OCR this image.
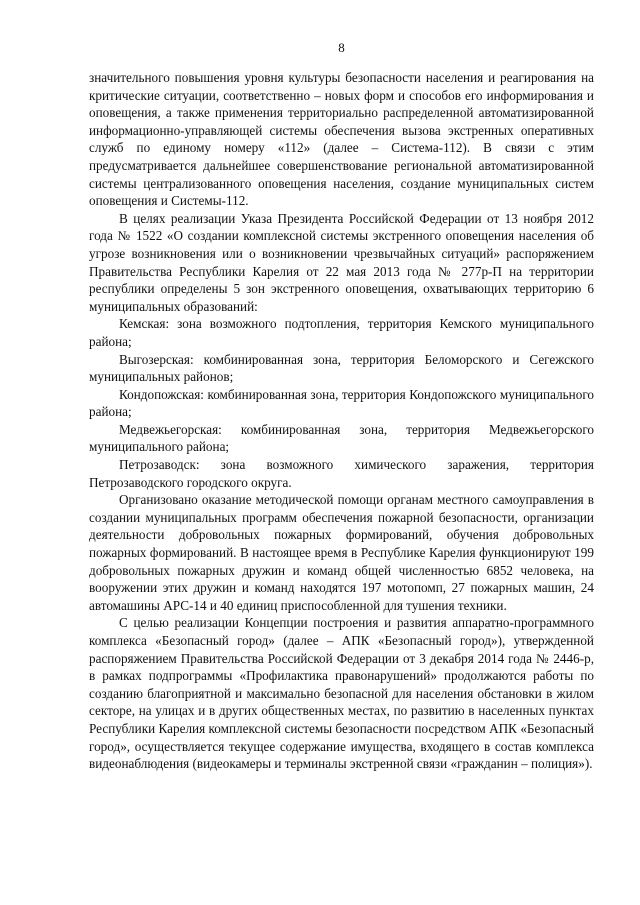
8

значительного повышения уровня культуры безопасности населения и реагирования на критические ситуации, соответственно – новых форм и способов его информирования и оповещения, а также применения территориально распределенной автоматизированной информационно-управляющей системы обеспечения вызова экстренных оперативных служб по единому номеру «112» (далее – Система-112). В связи с этим предусматривается дальнейшее совершенствование региональной автоматизированной системы централизованного оповещения населения, создание муниципальных систем оповещения и Системы-112.

В целях реализации Указа Президента Российской Федерации от 13 ноября 2012 года № 1522 «О создании комплексной системы экстренного оповещения населения об угрозе возникновения или о возникновении чрезвычайных ситуаций» распоряжением Правительства Республики Карелия от 22 мая 2013 года № 277р-П на территории республики определены 5 зон экстренного оповещения, охватывающих территорию 6 муниципальных образований:

Кемская: зона возможного подтопления, территория Кемского муниципального района;

Выгозерская: комбинированная зона, территория Беломорского и Сегежского муниципальных районов;

Кондопожская: комбинированная зона, территория Кондопожского муниципального района;

Медвежьегорская: комбинированная зона, территория Медвежьегорского муниципального района;

Петрозаводск: зона возможного химического заражения, территория Петрозаводского городского округа.

Организовано оказание методической помощи органам местного самоуправления в создании муниципальных программ обеспечения пожарной безопасности, организации деятельности добровольных пожарных формирований, обучения добровольных пожарных формирований. В настоящее время в Республике Карелия функционируют 199 добровольных пожарных дружин и команд общей численностью 6852 человека, на вооружении этих дружин и команд находятся 197 мотопомп, 27 пожарных машин, 24 автомашины АРС-14 и 40 единиц приспособленной для тушения техники.

С целью реализации Концепции построения и развития аппаратно-программного комплекса «Безопасный город» (далее – АПК «Безопасный город»), утвержденной распоряжением Правительства Российской Федерации от 3 декабря 2014 года № 2446-р, в рамках подпрограммы «Профилактика правонарушений» продолжаются работы по созданию благоприятной и максимально безопасной для населения обстановки в жилом секторе, на улицах и в других общественных местах, по развитию в населенных пунктах Республики Карелия комплексной системы безопасности посредством АПК «Безопасный город», осуществляется текущее содержание имущества, входящего в состав комплекса видеонаблюдения (видеокамеры и терминалы экстренной связи «гражданин – полиция»).
